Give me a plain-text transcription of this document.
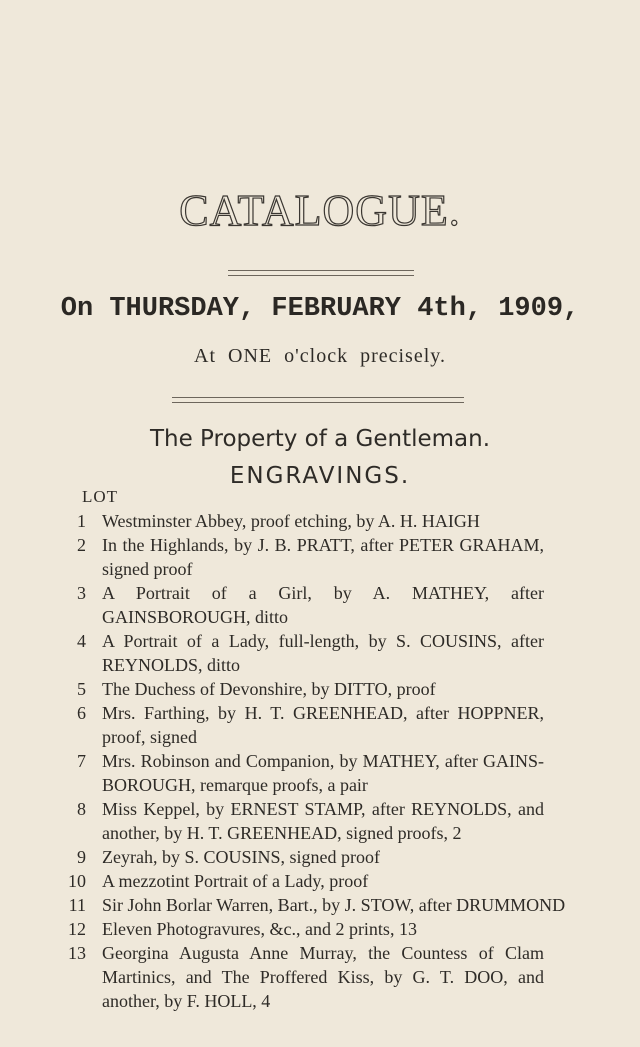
CATALOGUE.
On THURSDAY, FEBRUARY 4th, 1909,
At ONE o'clock precisely.
The Property of a Gentleman.
ENGRAVINGS.
LOT
1 Westminster Abbey, proof etching, by A. H. HAIGH
2 In the Highlands, by J. B. PRATT, after PETER GRAHAM, signed proof
3 A Portrait of a Girl, by A. MATHEY, after GAINSBOROUGH, ditto
4 A Portrait of a Lady, full-length, by S. COUSINS, after REYNOLDS, ditto
5 The Duchess of Devonshire, by DITTO, proof
6 Mrs. Farthing, by H. T. GREENHEAD, after HOPPNER, proof, signed
7 Mrs. Robinson and Companion, by MATHEY, after GAINS-BOROUGH, remarque proofs, a pair
8 Miss Keppel, by ERNEST STAMP, after REYNOLDS, and another, by H. T. GREENHEAD, signed proofs, 2
9 Zeyrah, by S. COUSINS, signed proof
10 A mezzotint Portrait of a Lady, proof
11 Sir John Borlar Warren, Bart., by J. STOW, after DRUMMOND
12 Eleven Photogravures, &c., and 2 prints, 13
13 Georgina Augusta Anne Murray, the Countess of Clam Martinics, and The Proffered Kiss, by G. T. DOO, and another, by F. HOLL, 4
